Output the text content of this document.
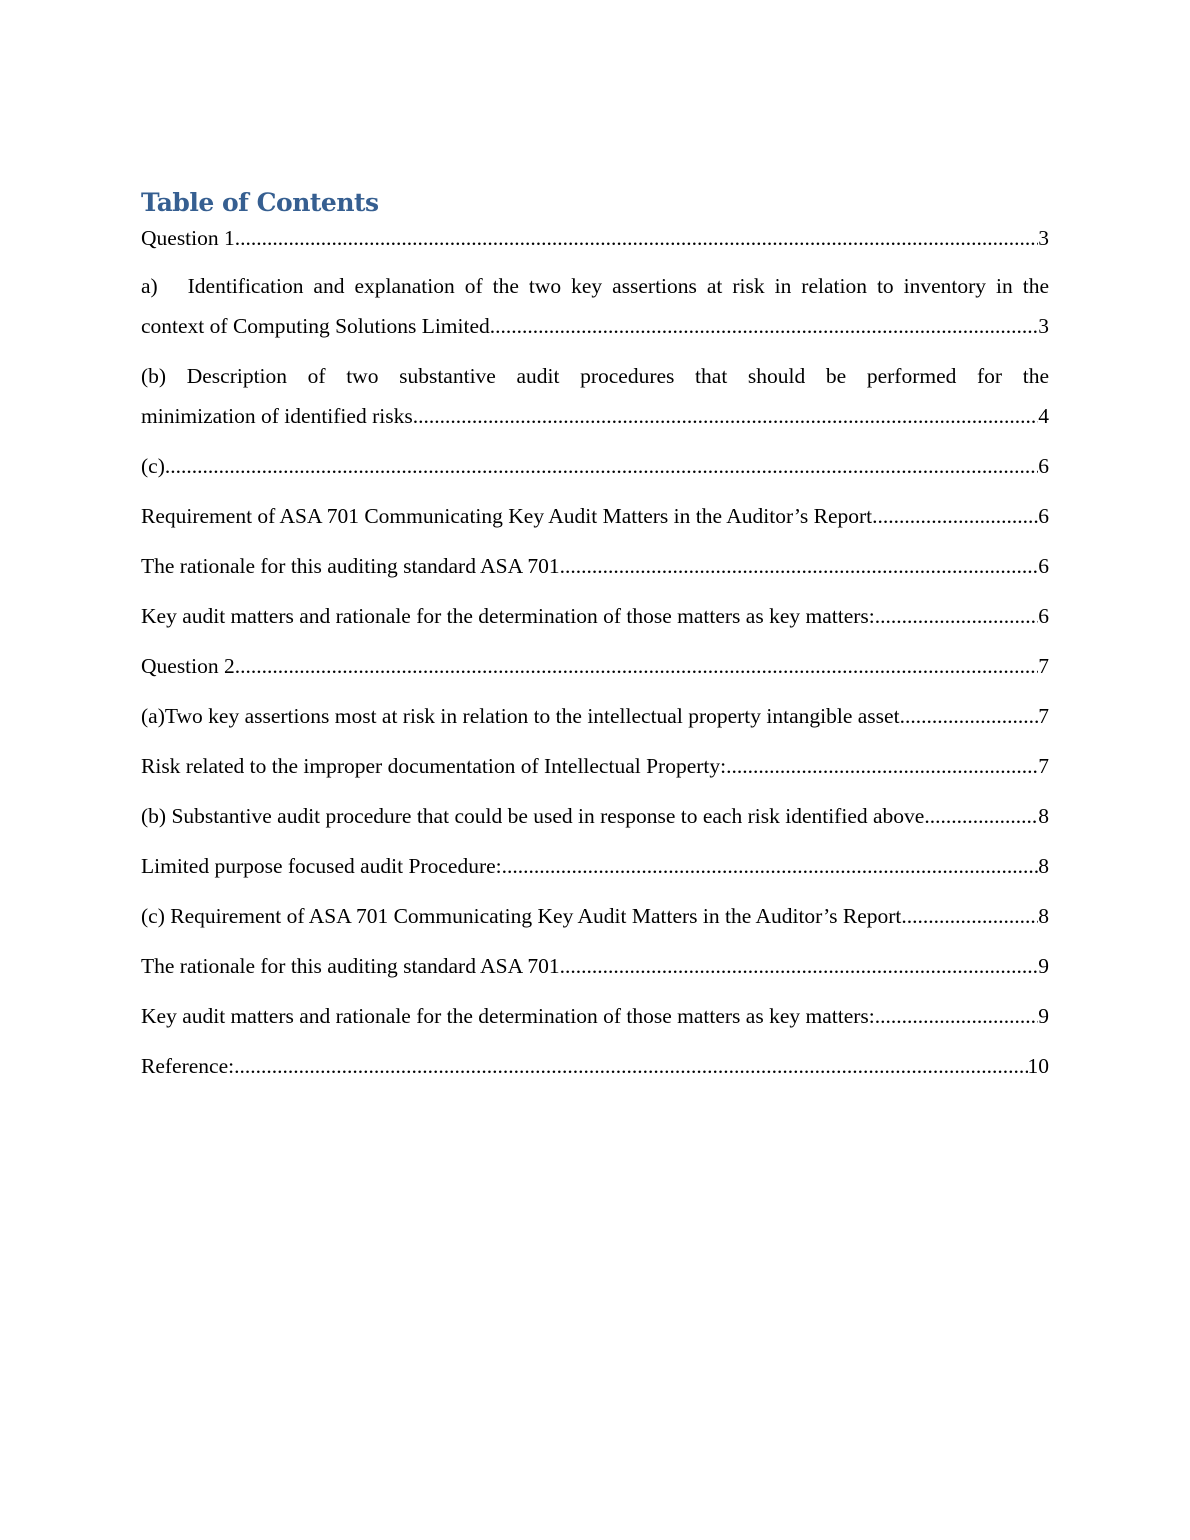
Table of Contents
Question 1 .....	3
a)   Identification and explanation of the two key assertions at risk in relation to inventory in the
context of Computing Solutions Limited .....	3
(b) Description of two substantive audit procedures that should be performed for the
minimization of identified risks .....	4
(c) .....	6
Requirement of ASA 701 Communicating Key Audit Matters in the Auditor’s Report .....	6
The rationale for this auditing standard ASA 701 .....	6
Key audit matters and rationale for the determination of those matters as key matters: .....	6
Question 2 .....	7
(a)Two key assertions most at risk in relation to the intellectual property intangible asset .....	7
Risk related to the improper documentation of Intellectual Property: .....	7
(b) Substantive audit procedure that could be used in response to each risk identified above .....	8
Limited purpose focused audit Procedure: .....	8
(c) Requirement of ASA 701 Communicating Key Audit Matters in the Auditor’s Report .....	8
The rationale for this auditing standard ASA 701 .....	9
Key audit matters and rationale for the determination of those matters as key matters: .....	9
Reference: .....	10
